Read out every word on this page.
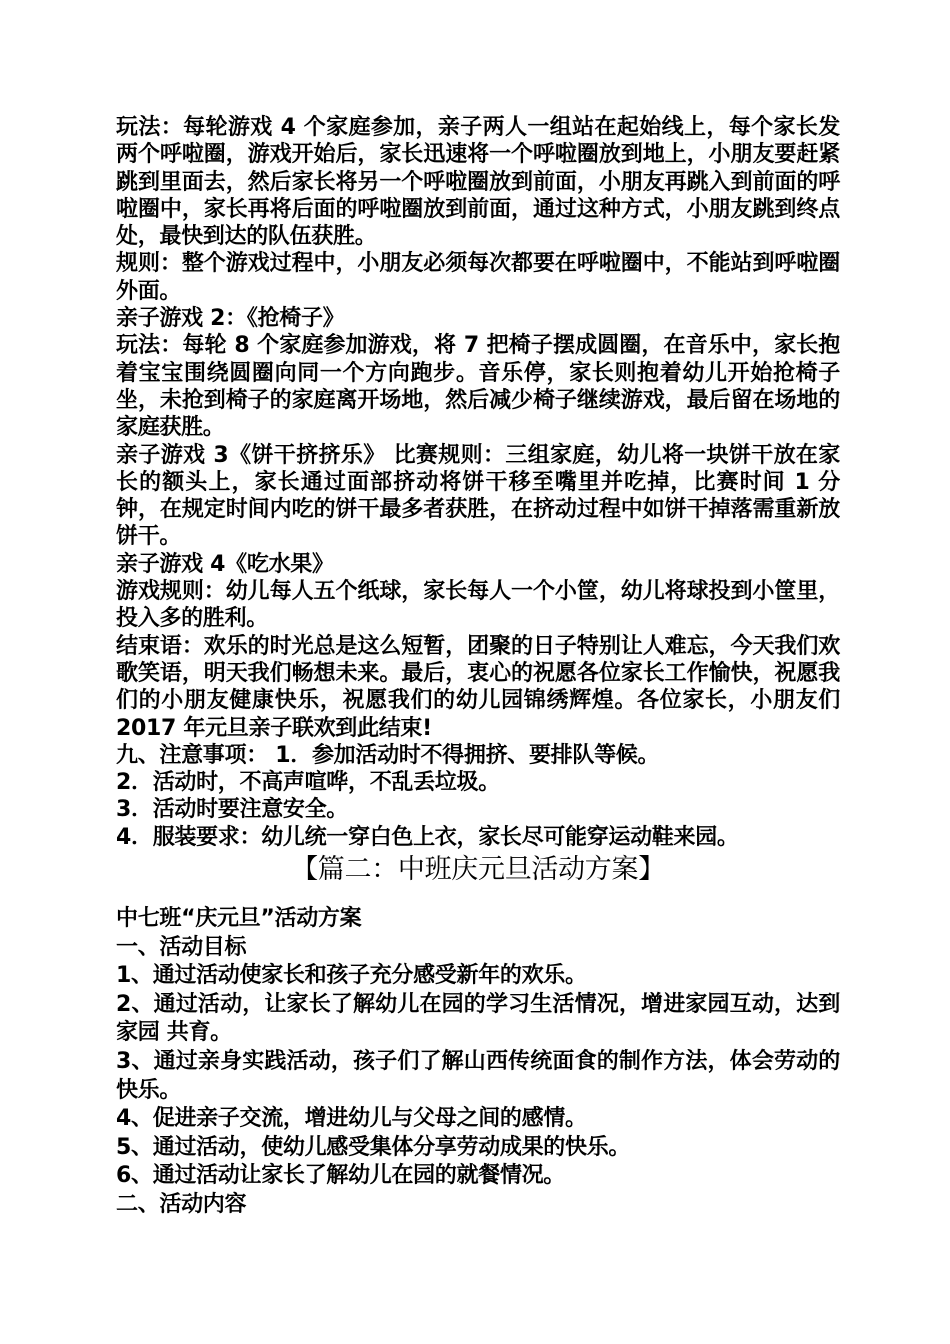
玩法：每轮游戏 4 个家庭参加，亲子两人一组站在起始线上，每个家长发两个呼啦圈，游戏开始后，家长迅速将一个呼啦圈放到地上，小朋友要赶紧跳到里面去，然后家长将另一个呼啦圈放到前面，小朋友再跳入到前面的呼啦圈中，家长再将后面的呼啦圈放到前面，通过这种方式，小朋友跳到终点处，最快到达的队伍获胜。

规则：整个游戏过程中，小朋友必须每次都要在呼啦圈中，不能站到呼啦圈外面。

亲子游戏 2：《抢椅子》

玩法：每轮 8 个家庭参加游戏，将 7 把椅子摆成圆圈，在音乐中，家长抱着宝宝围绕圆圈向同一个方向跑步。音乐停，家长则抱着幼儿开始抢椅子坐，未抢到椅子的家庭离开场地，然后减少椅子继续游戏，最后留在场地的家庭获胜。

亲子游戏 3《饼干挤挤乐》 比赛规则：三组家庭，幼儿将一块饼干放在家长的额头上，家长通过面部挤动将饼干移至嘴里并吃掉，比赛时间 1 分钟，在规定时间内吃的饼干最多者获胜，在挤动过程中如饼干掉落需重新放饼干。

亲子游戏 4《吃水果》

游戏规则：幼儿每人五个纸球，家长每人一个小筐，幼儿将球投到小筐里，投入多的胜利。

结束语：欢乐的时光总是这么短暂，团聚的日子特别让人难忘，今天我们欢歌笑语，明天我们畅想未来。最后，衷心的祝愿各位家长工作愉快，祝愿我们的小朋友健康快乐，祝愿我们的幼儿园锦绣辉煌。各位家长，小朋友们 2017 年元旦亲子联欢到此结束!

九、注意事项： 1．参加活动时不得拥挤、要排队等候。

2．活动时，不高声喧哗，不乱丢垃圾。

3．活动时要注意安全。

4．服装要求：幼儿统一穿白色上衣，家长尽可能穿运动鞋来园。

【篇二：中班庆元旦活动方案】

中七班“庆元旦”活动方案

一、活动目标

1、通过活动使家长和孩子充分感受新年的欢乐。

2、通过活动，让家长了解幼儿在园的学习生活情况，增进家园互动，达到家园 共育。

3、通过亲身实践活动，孩子们了解山西传统面食的制作方法，体会劳动的快乐。

4、促进亲子交流，增进幼儿与父母之间的感情。

5、通过活动，使幼儿感受集体分享劳动成果的快乐。

6、通过活动让家长了解幼儿在园的就餐情况。

二、活动内容
